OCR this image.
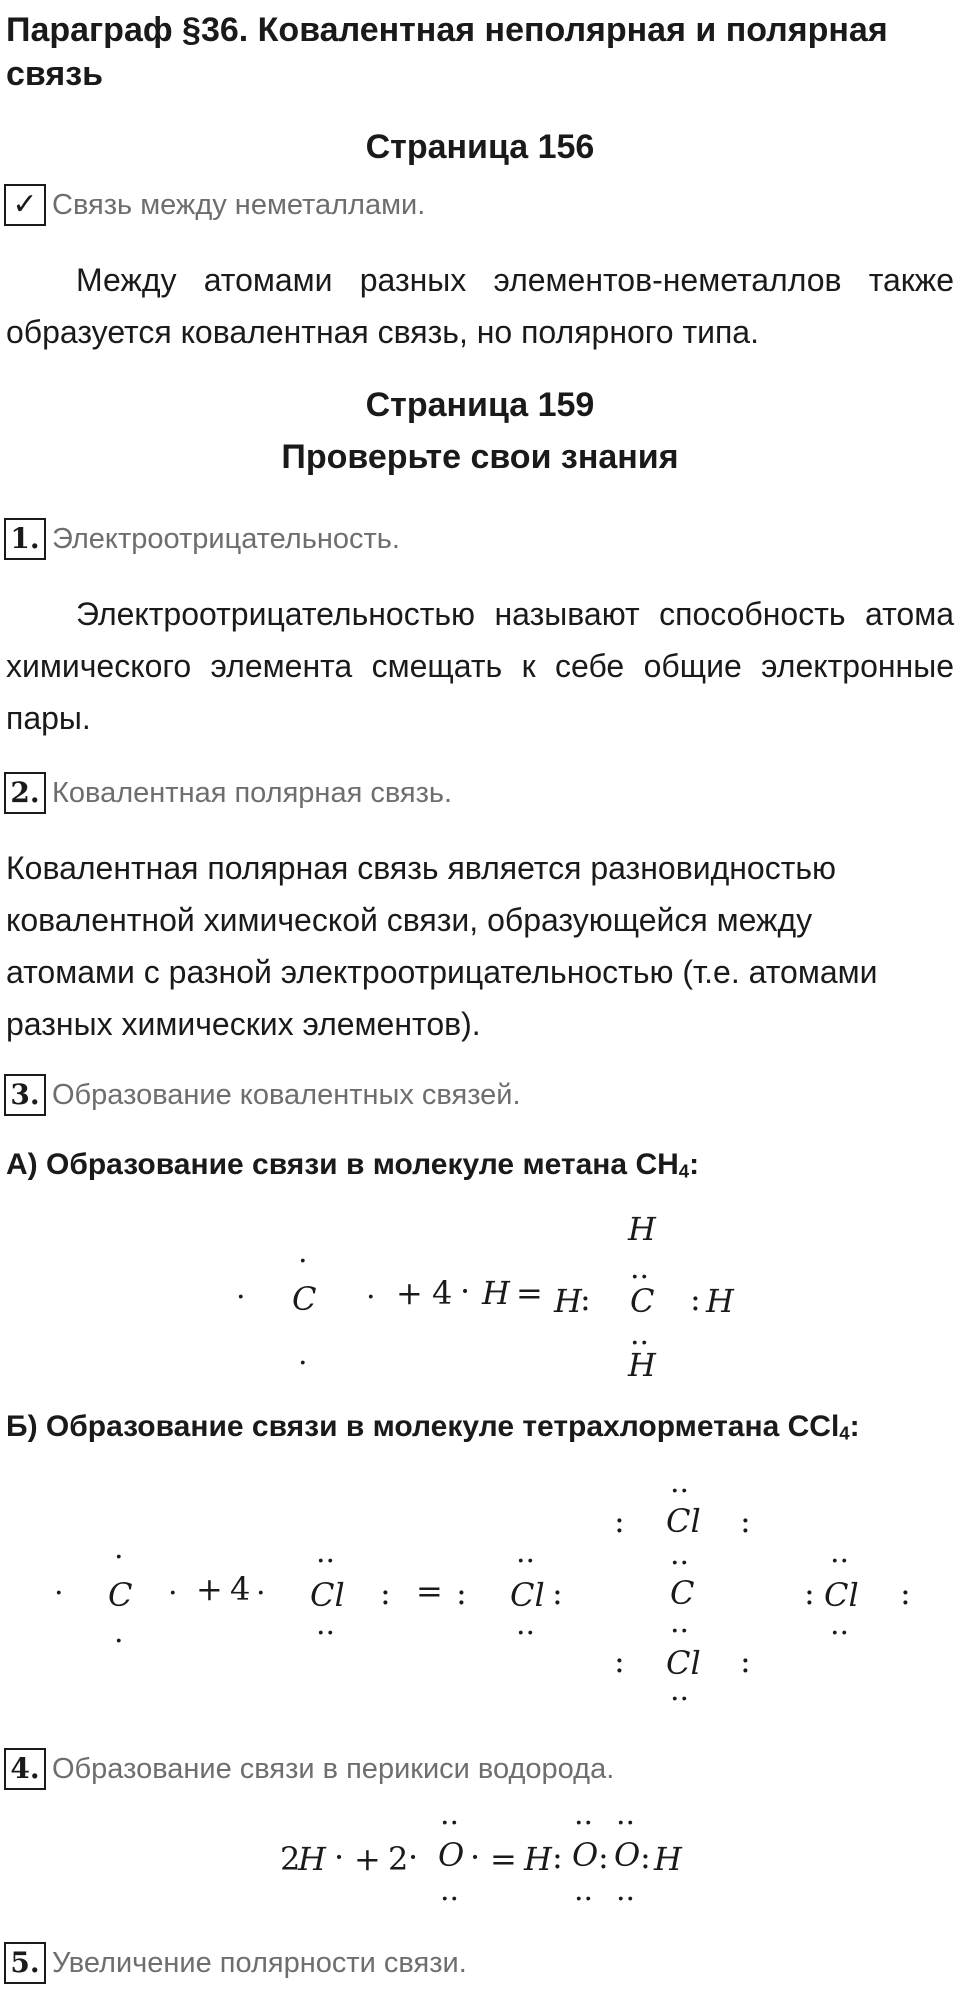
Параграф §36. Ковалентная неполярная и полярная
связь
Страница 156
✓ Связь между неметаллами.
Между атомами разных элементов-неметаллов также образуется ковалентная связь, но полярного типа.
Страница 159
Проверьте свои знания
1. Электроотрицательность.
Электроотрицательностью называют способность атома химического элемента смещать к себе общие электронные пары.
2. Ковалентная полярная связь.
Ковалентная полярная связь является разновидностью
ковалентной химической связи, образующейся между
атомами с разной электроотрицательностью (т.е. атомами
разных химических элементов).
3. Образование ковалентных связей.
А) Образование связи в молекуле метана $CH_4$:
.
.
C
.
. + 4 · H = H
:
H
..
C : H
..
H
Б) Образование связи в молекуле тетрахлорметана CCl$_4$:
.
.
C
.
. + 4 .
..
Cl
..
: = :
..
Cl :
..
..
: Cl :
..
C
..
: Cl :
..
:
..
Cl
..
:
4. Образование связи в перикиси водорода.
2
H · + 2 ·
..
O
..
· = H :
..
O
..
:
..
O
..
: H
5. Увеличение полярности связи.
